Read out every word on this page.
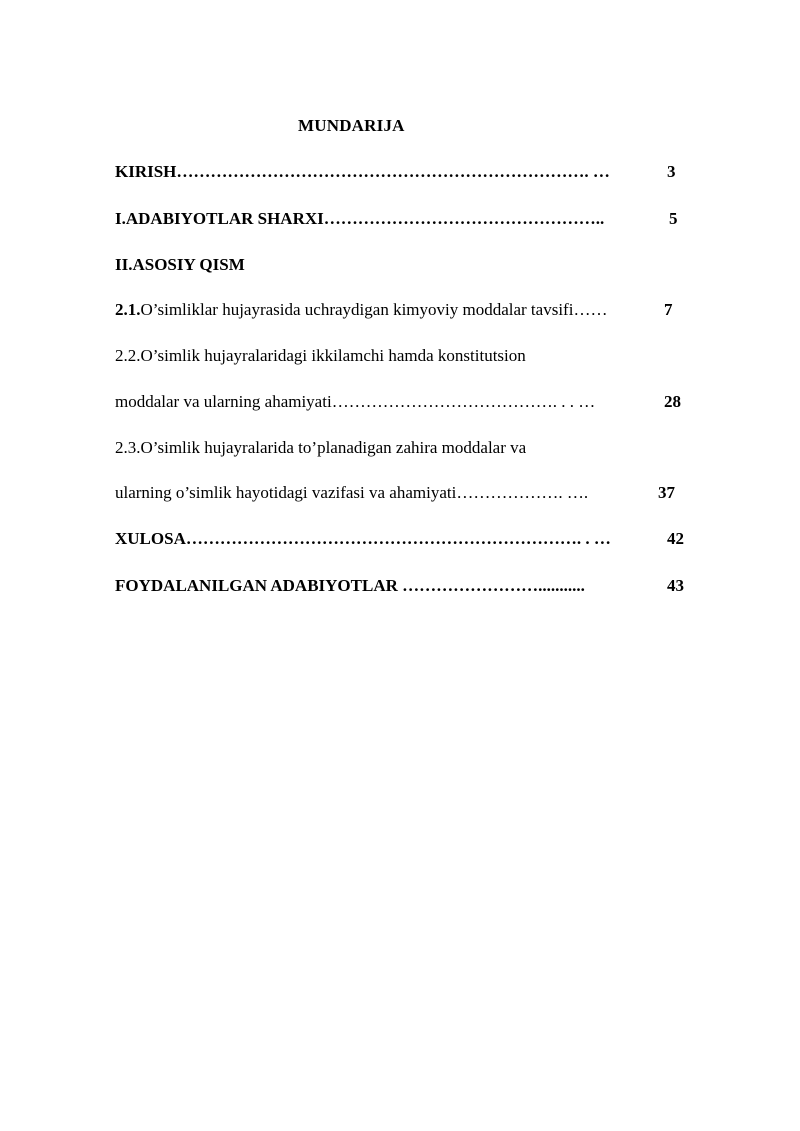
MUNDARIJA
KIRISH………………………………………………………………. …	3
I.ADABIYOTLAR SHARXI…………………………………………..	5
II.ASOSIY QISM
2.1.O’simliklar hujayrasida uchraydigan kimyoviy moddalar tavsifi……	7
2.2.O’simlik hujayralaridagi ikkilamchi hamda konstitutsion
moddalar va ularning ahamiyati…………………………………. . . …	28
2.3.O’simlik hujayralarida to’planadigan zahira moddalar va
ularning o’simlik hayotidagi vazifasi va ahamiyati………………. ….	37
XULOSA……………………………………………………………. . …	42
FOYDALANILGAN ADABIYOTLAR ……………………...........	43
